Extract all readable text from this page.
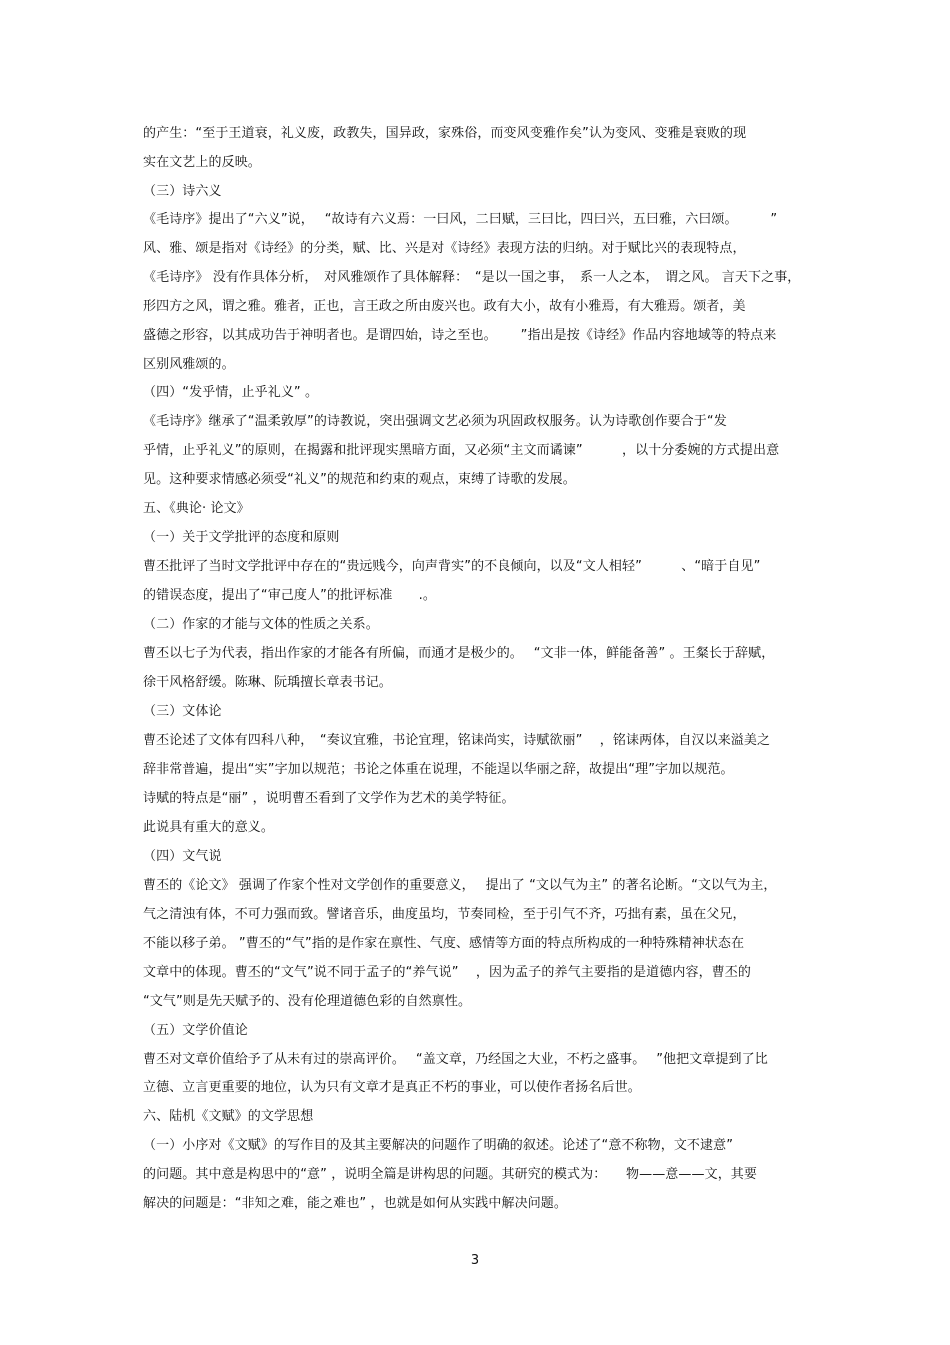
的产生：“至于王道衰，礼义废，政教失，国异政，家殊俗，而变风变雅作矣”认为变风、变雅是衰败的现
实在文艺上的反映。
（三）诗六义
《毛诗序》提出了“六义”说，　 “故诗有六义焉：一曰风，二曰赋，三曰比，四曰兴，五曰雅，六曰颂。　　　”
风、雅、颂是指对《诗经》的分类，赋、比、兴是对《诗经》表现方法的归纳。对于赋比兴的表现特点，
《毛诗序》 没有作具体分析，　对风雅颂作了具体解释：　“是以一国之事，　系一人之本，　谓之风。 言天下之事，
形四方之风，谓之雅。雅者，正也，言王政之所由废兴也。政有大小，故有小雅焉，有大雅焉。颂者，美
盛德之形容，以其成功告于神明者也。是谓四始，诗之至也。　　 ”指出是按《诗经》作品内容地域等的特点来
区别风雅颂的。
（四）“发乎情，止乎礼义” 。
《毛诗序》继承了“温柔敦厚”的诗教说，突出强调文艺必须为巩固政权服务。认为诗歌创作要合于“发
乎情，止乎礼义”的原则，在揭露和批评现实黑暗方面，又必须“主文而谲谏”　　　，以十分委婉的方式提出意
见。这种要求情感必须受“礼义”的规范和约束的观点，束缚了诗歌的发展。
五、《典论· 论文》
（一）关于文学批评的态度和原则
曹丕批评了当时文学批评中存在的“贵远贱今，向声背实”的不良倾向，以及“文人相轻”　　　、“暗于自见”
的错误态度，提出了“审己度人”的批评标准　　.。
（二）作家的才能与文体的性质之关系。
曹丕以七子为代表，指出作家的才能各有所偏，而通才是极少的。　 “文非一体，鲜能备善” 。王粲长于辞赋，
徐干风格舒缓。陈琳、阮瑀擅长章表书记。
（三）文体论
曹丕论述了文体有四科八种，　“奏议宜雅，书论宜理，铭诔尚实，诗赋欲丽”　 ，铭诔两体，自汉以来溢美之
辞非常普遍，提出“实”字加以规范；书论之体重在说理，不能逞以华丽之辞，故提出“理”字加以规范。
诗赋的特点是“丽” ，说明曹丕看到了文学作为艺术的美学特征。
此说具有重大的意义。
（四）文气说
曹丕的《论文》 强调了作家个性对文学创作的重要意义，　 提出了 “文以气为主” 的著名论断。“文以气为主，
气之清浊有体，不可力强而致。譬诸音乐，曲度虽均，节奏同检，至于引气不齐，巧拙有素，虽在父兄，
不能以移子弟。 ”曹丕的“气”指的是作家在禀性、气度、感情等方面的特点所构成的一种特殊精神状态在
文章中的体现。曹丕的“文气”说不同于孟子的“养气说”　 ，因为孟子的养气主要指的是道德内容，曹丕的
“文气”则是先天赋予的、没有伦理道德色彩的自然禀性。
（五）文学价值论
曹丕对文章价值给予了从未有过的崇高评价。　 “盖文章，乃经国之大业，不朽之盛事。　 ”他把文章提到了比
立德、立言更重要的地位，认为只有文章才是真正不朽的事业，可以使作者扬名后世。
六、陆机《文赋》的文学思想
（一）小序对《文赋》的写作目的及其主要解决的问题作了明确的叙述。论述了“意不称物，文不逮意”
的问题。其中意是构思中的“意” ，说明全篇是讲构思的问题。其研究的模式为：　　物——意——文，其要
解决的问题是：“非知之难，能之难也” ，也就是如何从实践中解决问题。
3
